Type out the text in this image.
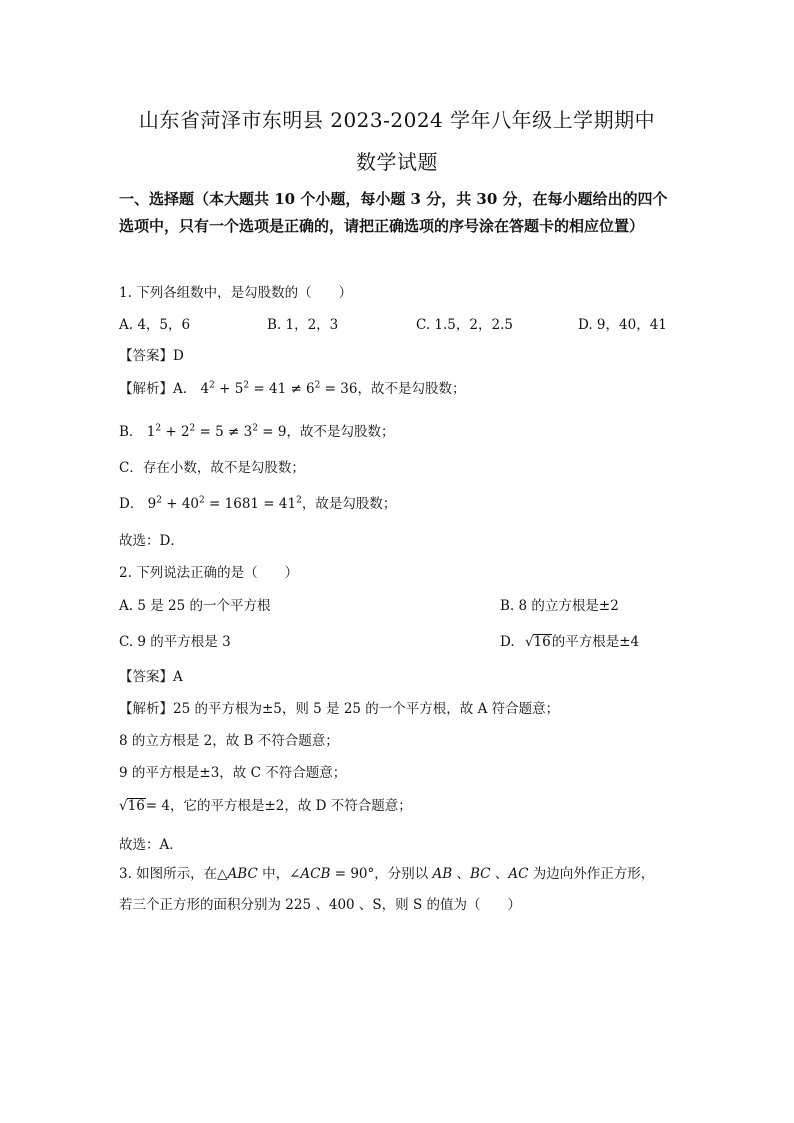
山东省菏泽市东明县 2023-2024 学年八年级上学期期中
数学试题
一、选择题（本大题共 10 个小题，每小题 3 分，共 30 分，在每小题给出的四个选项中，只有一个选项是正确的，请把正确选项的序号涂在答题卡的相应位置）
1. 下列各组数中，是勾股数的（　　）
A. 4，5，6	B. 1，2，3	C. 1.5，2，2.5	D. 9，40，41
【答案】D
【解析】A． $4^2 + 5^2 = 41 \ne 6^2 = 36$，故不是勾股数；
B． $1^2 + 2^2 = 5 \ne 3^2 = 9$，故不是勾股数；
C．存在小数，故不是勾股数；
D． $9^2 + 40^2 = 1681 = 41^2$，故是勾股数；
故选：D．
2. 下列说法正确的是（　　）
A. 5 是 25 的一个平方根	B. 8 的立方根是±2
C. 9 的平方根是 3	D. √16的平方根是±4
【答案】A
【解析】25 的平方根为±5，则 5 是 25 的一个平方根，故 A 符合题意；
8 的立方根是 2，故 B 不符合题意；
9 的平方根是±3，故 C 不符合题意；
√16= 4，它的平方根是±2，故 D 不符合题意；
故选：A．
3. 如图所示，在△ABC 中，∠ACB = 90°，分别以 AB 、BC 、AC 为边向外作正方形，
若三个正方形的面积分别为 225 、400 、S，则 S 的值为（　　）
